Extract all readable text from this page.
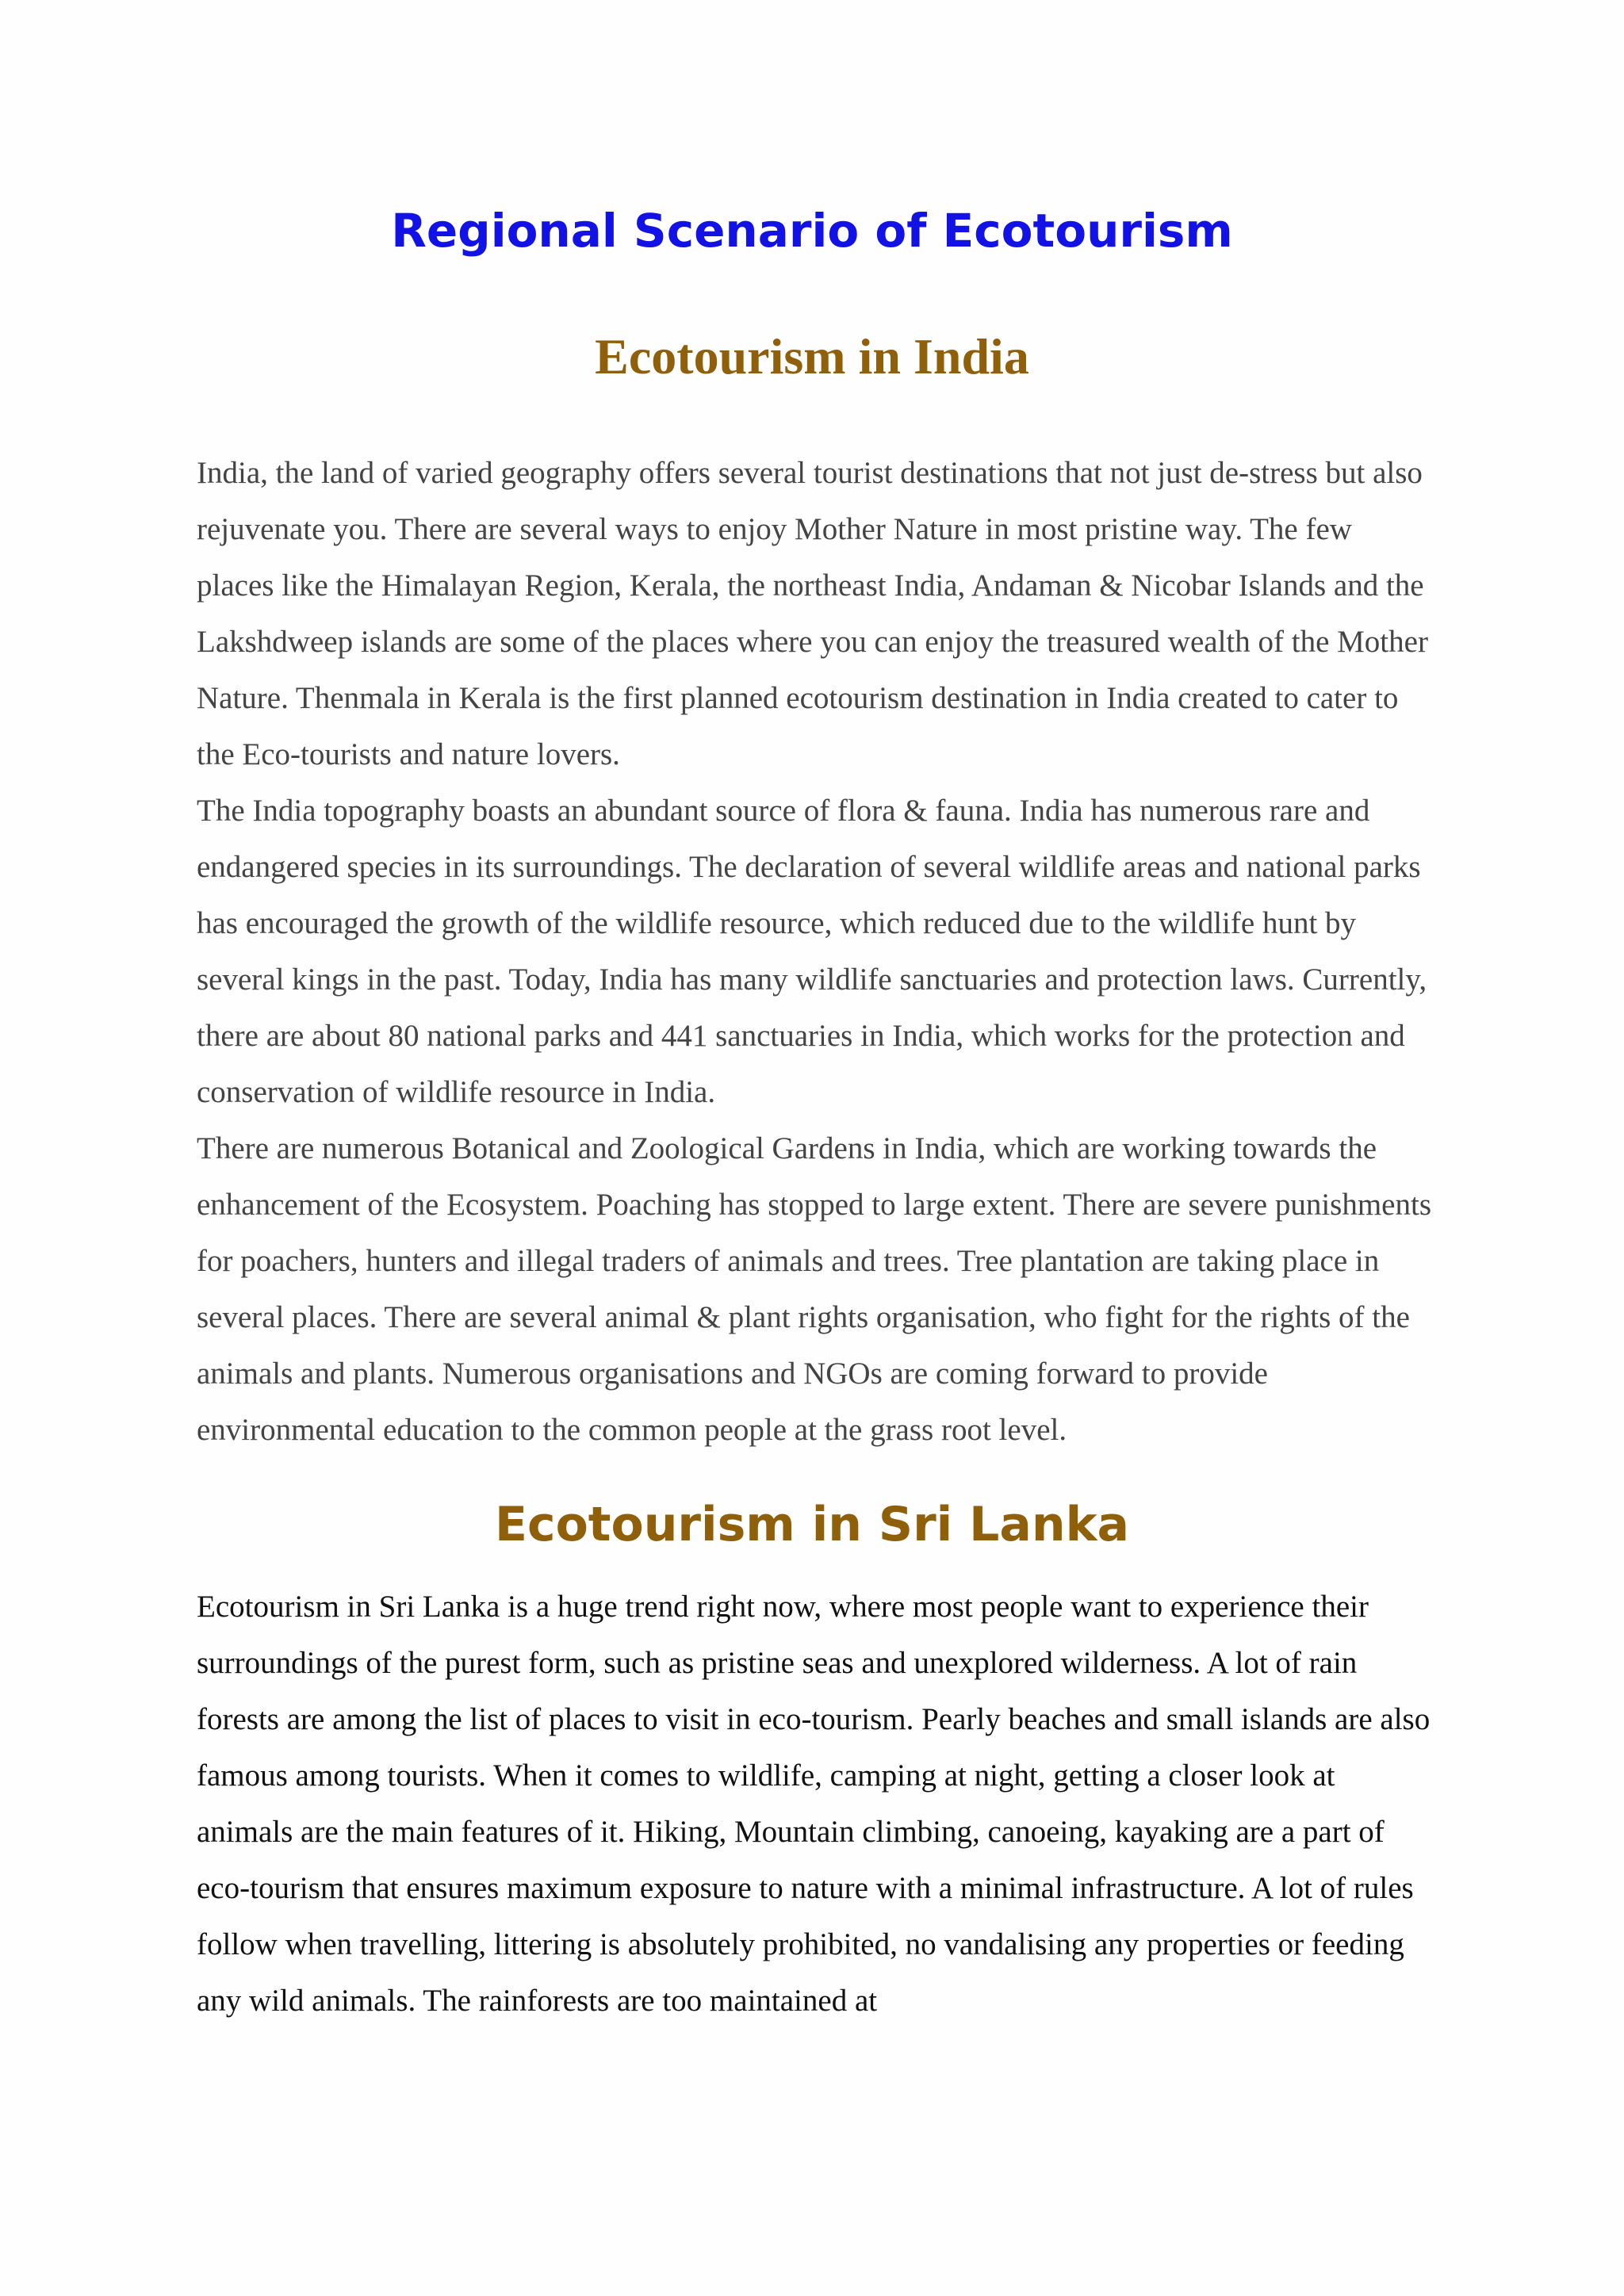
Regional Scenario of Ecotourism
Ecotourism in India

India, the land of varied geography offers several tourist destinations that not just de-stress but also rejuvenate you. There are several ways to enjoy Mother Nature in most pristine way. The few places like the Himalayan Region, Kerala, the northeast India, Andaman & Nicobar Islands and the Lakshdweep islands are some of the places where you can enjoy the treasured wealth of the Mother Nature. Thenmala in Kerala is the first planned ecotourism destination in India created to cater to the Eco-tourists and nature lovers.

The India topography boasts an abundant source of flora & fauna. India has numerous rare and endangered species in its surroundings. The declaration of several wildlife areas and national parks has encouraged the growth of the wildlife resource, which reduced due to the wildlife hunt by several kings in the past. Today, India has many wildlife sanctuaries and protection laws. Currently, there are about 80 national parks and 441 sanctuaries in India, which works for the protection and conservation of wildlife resource in India.

There are numerous Botanical and Zoological Gardens in India, which are working towards the enhancement of the Ecosystem. Poaching has stopped to large extent. There are severe punishments for poachers, hunters and illegal traders of animals and trees. Tree plantation are taking place in several places. There are several animal & plant rights organisation, who fight for the rights of the animals and plants. Numerous organisations and NGOs are coming forward to provide environmental education to the common people at the grass root level.

Ecotourism in Sri Lanka

Ecotourism in Sri Lanka is a huge trend right now, where most people want to experience their surroundings of the purest form, such as pristine seas and unexplored wilderness. A lot of rain forests are among the list of places to visit in eco-tourism. Pearly beaches and small islands are also famous among tourists. When it comes to wildlife, camping at night, getting a closer look at animals are the main features of it. Hiking, Mountain climbing, canoeing, kayaking are a part of eco-tourism that ensures maximum exposure to nature with a minimal infrastructure. A lot of rules follow when travelling, littering is absolutely prohibited, no vandalising any properties or feeding any wild animals. The rainforests are too maintained at
